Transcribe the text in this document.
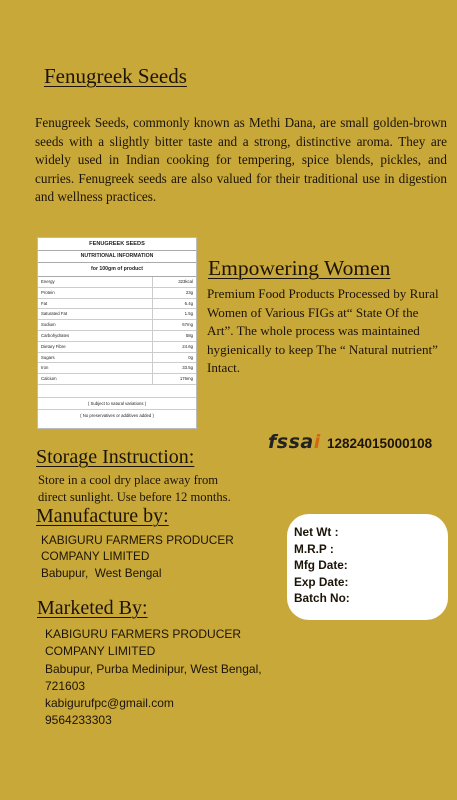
Fenugreek Seeds
Fenugreek Seeds, commonly known as Methi Dana, are small golden-brown seeds with a slightly bitter taste and a strong, distinctive aroma. They are widely used in Indian cooking for tempering, spice blends, pickles, and curries. Fenugreek seeds are also valued for their traditional use in digestion and wellness practices.
FENUGREEK SEEDS
NUTRITIONAL INFORMATION
for 100gm of product
Energy	323kcal
Protein	23g
Fat	6.4g
Saturated Fat	1.5g
Sodium	67mg
Carbohydrates	58g
Dietary Fibre	24.6g
Sugars	0g
Iron	33.5g
Calcium	176mg
( Subject to natural variations )
( No preservatives or additives added )
Empowering Women
Premium Food Products Processed by Rural Women of Various FIGs at“ State Of the Art”. The whole process was maintained hygienically to keep The “ Natural nutrient” Intact.
fssai 12824015000108
Storage Instruction:
Store in a cool dry place away from
direct sunlight. Use before 12 months.
Manufacture by:
KABIGURU FARMERS PRODUCER
COMPANY LIMITED
Babupur,  West Bengal
Marketed By:
KABIGURU FARMERS PRODUCER
COMPANY LIMITED
Babupur, Purba Medinipur, West Bengal,
721603
kabigurufpc@gmail.com
9564233303
Net Wt :
M.R.P :
Mfg Date:
Exp Date:
Batch No:
